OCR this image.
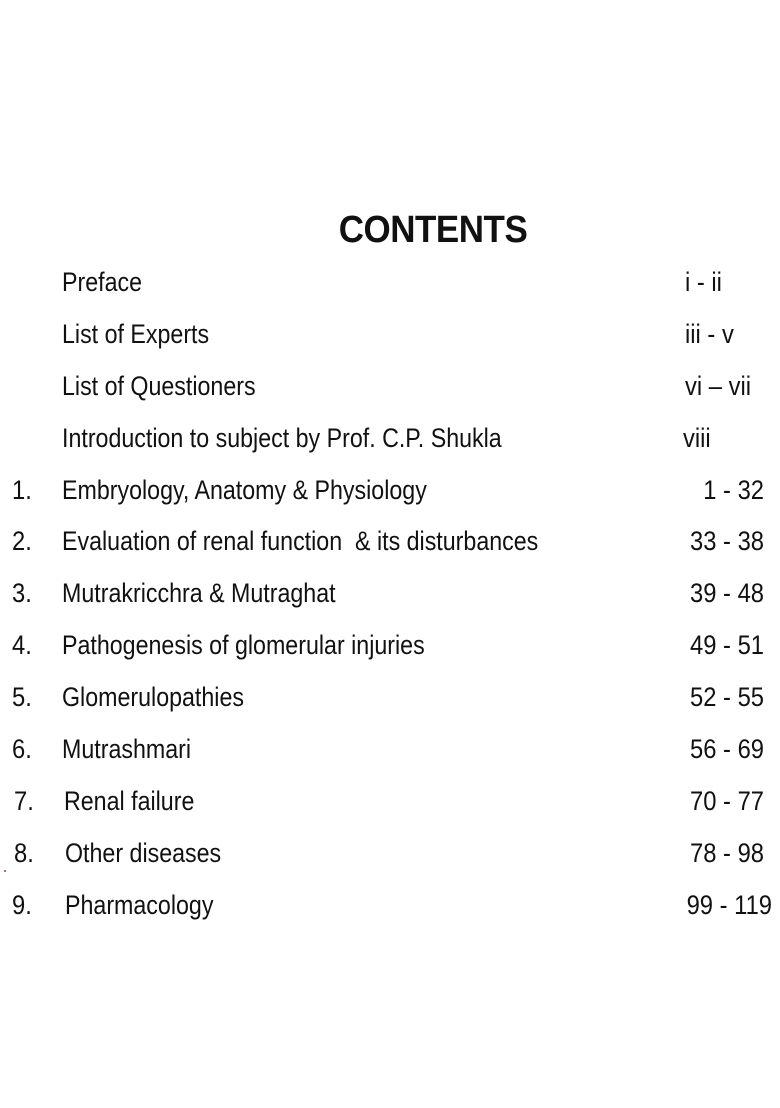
CONTENTS
Preface	i - ii
List of Experts	iii - v
List of Questioners	vi – vii
Introduction to subject by Prof. C.P. Shukla	viii
1. Embryology, Anatomy & Physiology	1 - 32
2. Evaluation of renal function  & its disturbances	33 - 38
3. Mutrakricchra & Mutraghat	39 - 48
4. Pathogenesis of glomerular injuries	49 - 51
5. Glomerulopathies	52 - 55
6. Mutrashmari	56 - 69
7. Renal failure	70 - 77
8. Other diseases	78 - 98
9. Pharmacology	99 - 119
